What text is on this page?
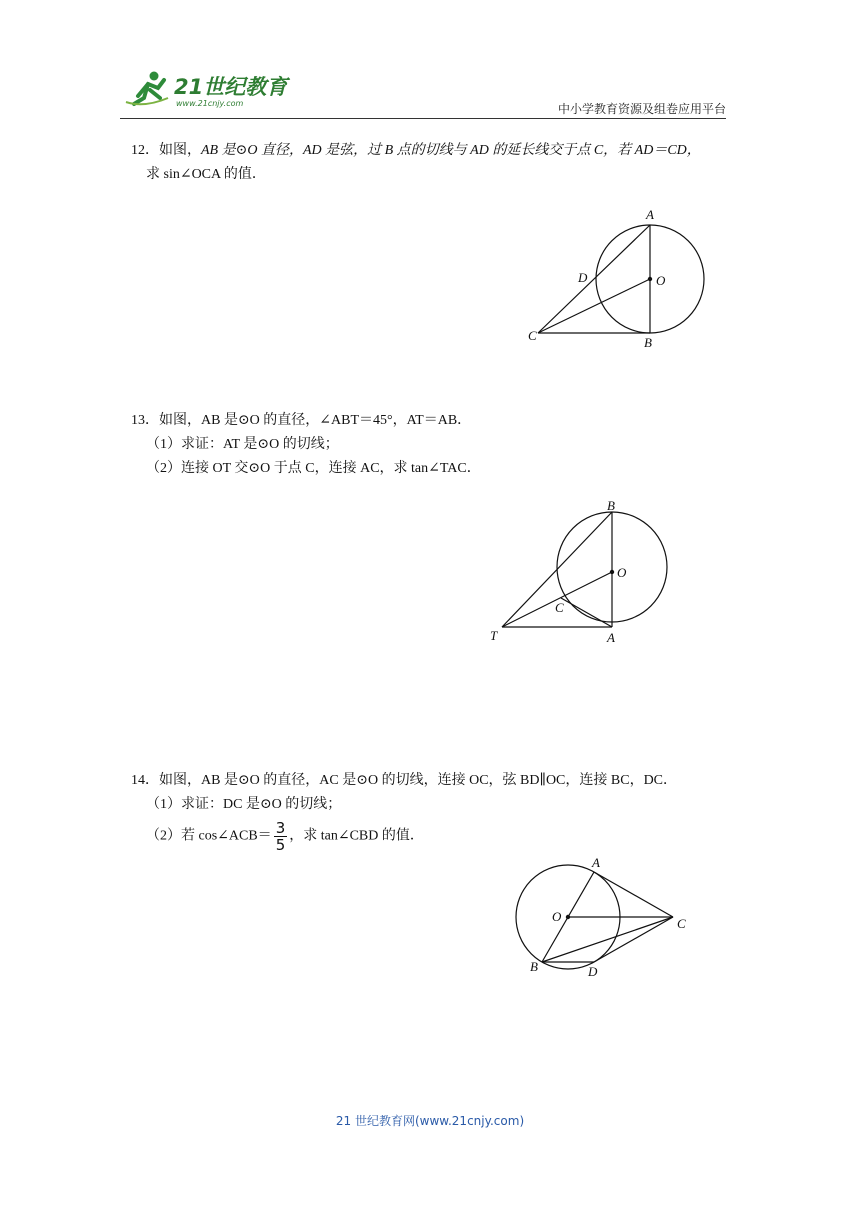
21世纪教育
www.21cnjy.com	中小学教育资源及组卷应用平台
12．如图，AB 是⊙O 直径，AD 是弦，过 B 点的切线与 AD 的延长线交于点 C，若 AD＝CD，
求 sin∠OCA 的值．
A
B
C
D	O
13．如图，AB 是⊙O 的直径，∠ABT＝45°，AT＝AB．
（1）求证：AT 是⊙O 的切线；
（2）连接 OT 交⊙O 于点 C，连接 AC，求 tan∠TAC．
B
A
T
C
O
14．如图，AB 是⊙O 的直径，AC 是⊙O 的切线，连接 OC，弦 BD∥OC，连接 BC，DC．
（1）求证：DC 是⊙O 的切线；
（2）若 cos∠ACB＝ $\frac{3}{5}$ ，求 tan∠CBD 的值．
A
O	C
B	D
21 世纪教育网(www.21cnjy.com)
